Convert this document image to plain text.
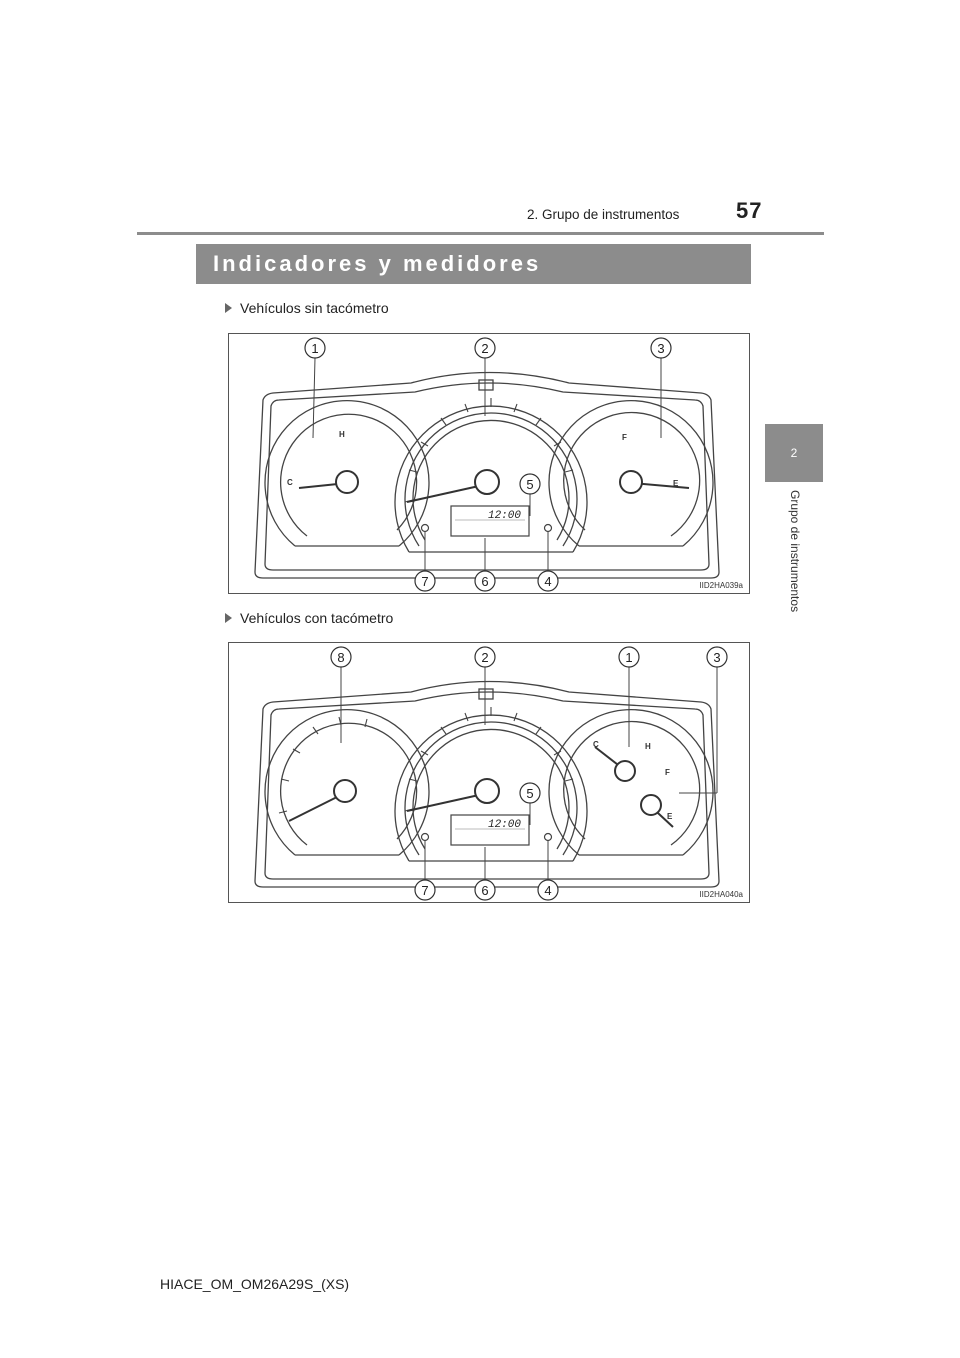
57
2. Grupo de instrumentos
2
Grupo de instrumentos
Indicadores y medidores
Vehículos sin tacómetro
12:00
H
C
F
E
1	2	3
5
7	6	4	IID2HA039a
Vehículos con tacómetro
12:00
H
C
F
E
8	2	1	3
5
7	6	4	IID2HA040a
HIACE_OM_OM26A29S_(XS)
